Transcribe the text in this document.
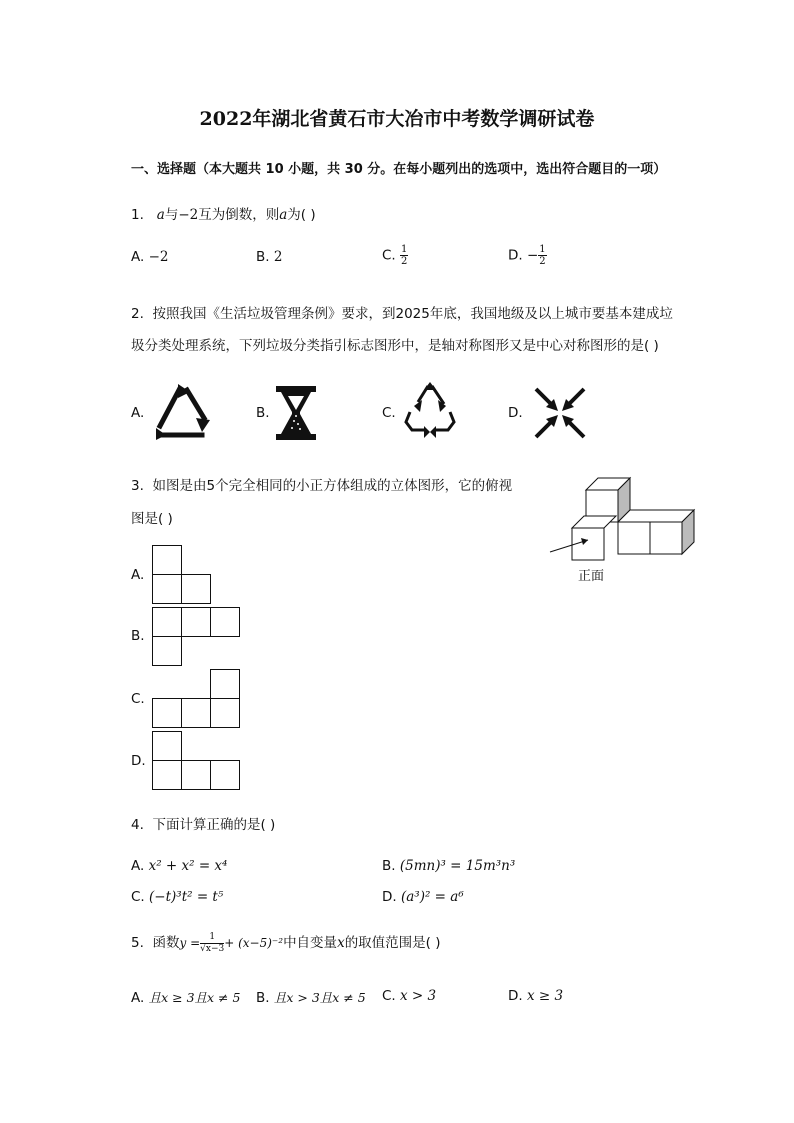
2022年湖北省黄石市大冶市中考数学调研试卷
一、选择题（本大题共 10 小题，共 30 分。在每小题列出的选项中，选出符合题目的一项）
1. a与−2互为倒数，则a为( )
A. −2	B. 2	C. $\frac{1}{2}$	D. − $\frac{1}{2}$
2. 按照我国《生活垃圾管理条例》要求，到2025年底，我国地级及以上城市要基本建成垃
圾分类处理系统，下列垃圾分类指引标志图形中，是轴对称图形又是中心对称图形的是( )
A.	B.	C.	D.
3. 如图是由5个完全相同的小正方体组成的立体图形，它的俯视
图是( )
正面
A.
B.
C.
D.
4. 下面计算正确的是( )
A. x² + x² = x⁴	B. (5mn)³ = 15m³n³
C. (−t)³t² = t⁵	D. (a³)² = a⁶
5. 函数$y = \frac{1}{√x-3} + (x-5)^{-2}$中自变量x的取值范围是( )
A. 且x ≥ 3且x ≠ 5 B. 且x > 3且x ≠ 5 C. x > 3	D. x ≥ 3
